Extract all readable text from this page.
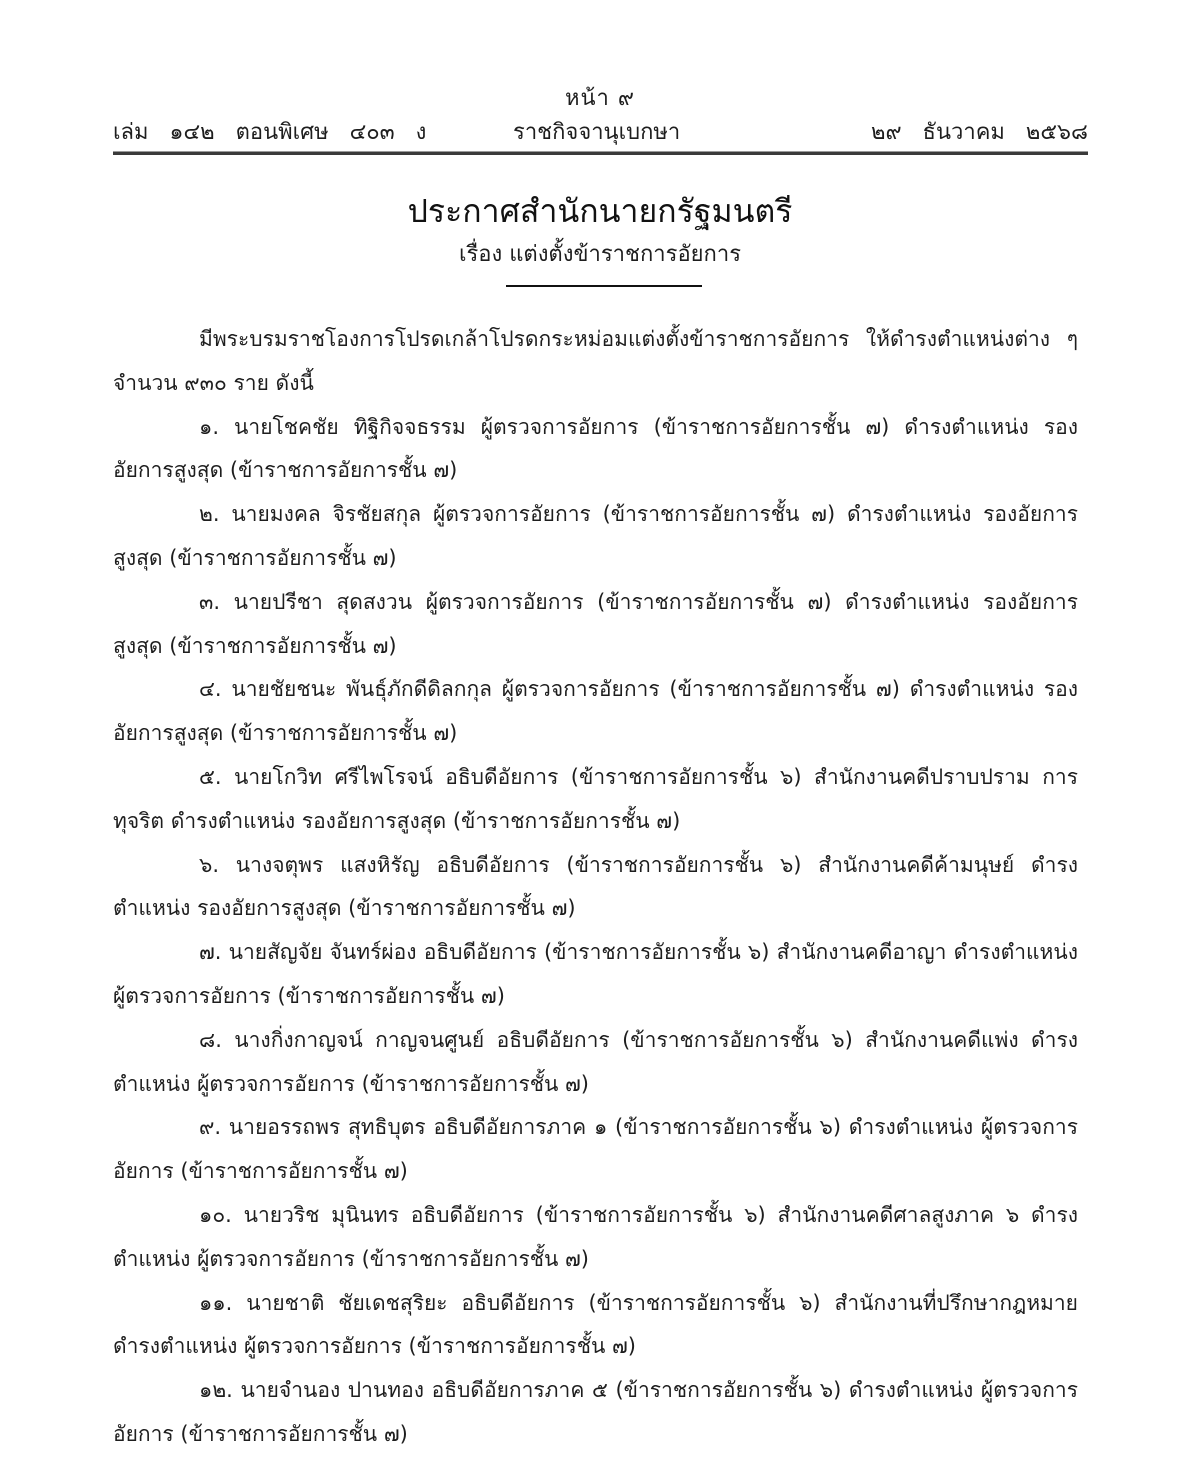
หน้า ๙
เล่ม   ๑๔๒   ตอนพิเศษ   ๔๐๓   ง	ราชกิจจานุเบกษา	๒๙   ธันวาคม   ๒๕๖๘
ประกาศสำนักนายกรัฐมนตรี
เรื่อง แต่งตั้งข้าราชการอัยการ

มีพระบรมราชโองการโปรดเกล้าโปรดกระหม่อมแต่งตั้งข้าราชการอัยการ ให้ดำรงตำแหน่งต่าง ๆ จำนวน ๙๓๐ ราย ดังนี้

๑. นายโชคชัย ทิฐิกิจจธรรม ผู้ตรวจการอัยการ (ข้าราชการอัยการชั้น ๗) ดำรงตำแหน่ง รองอัยการสูงสุด (ข้าราชการอัยการชั้น ๗)

๒. นายมงคล จิรชัยสกุล ผู้ตรวจการอัยการ (ข้าราชการอัยการชั้น ๗) ดำรงตำแหน่ง รองอัยการสูงสุด (ข้าราชการอัยการชั้น ๗)

๓. นายปรีชา สุดสงวน ผู้ตรวจการอัยการ (ข้าราชการอัยการชั้น ๗) ดำรงตำแหน่ง รองอัยการสูงสุด (ข้าราชการอัยการชั้น ๗)

๔. นายชัยชนะ พันธุ์ภักดีดิลกกุล ผู้ตรวจการอัยการ (ข้าราชการอัยการชั้น ๗) ดำรงตำแหน่ง รองอัยการสูงสุด (ข้าราชการอัยการชั้น ๗)

๕. นายโกวิท ศรีไพโรจน์ อธิบดีอัยการ (ข้าราชการอัยการชั้น ๖) สำนักงานคดีปราบปราม การทุจริต ดำรงตำแหน่ง รองอัยการสูงสุด (ข้าราชการอัยการชั้น ๗)

๖. นางจตุพร แสงหิรัญ อธิบดีอัยการ (ข้าราชการอัยการชั้น ๖) สำนักงานคดีค้ามนุษย์ ดำรงตำแหน่ง รองอัยการสูงสุด (ข้าราชการอัยการชั้น ๗)

๗. นายสัญจัย จันทร์ผ่อง อธิบดีอัยการ (ข้าราชการอัยการชั้น ๖) สำนักงานคดีอาญา ดำรงตำแหน่ง ผู้ตรวจการอัยการ (ข้าราชการอัยการชั้น ๗)

๘. นางกิ่งกาญจน์ กาญจนศูนย์ อธิบดีอัยการ (ข้าราชการอัยการชั้น ๖) สำนักงานคดีแพ่ง ดำรงตำแหน่ง ผู้ตรวจการอัยการ (ข้าราชการอัยการชั้น ๗)

๙. นายอรรถพร สุทธิบุตร อธิบดีอัยการภาค ๑ (ข้าราชการอัยการชั้น ๖) ดำรงตำแหน่ง ผู้ตรวจการอัยการ (ข้าราชการอัยการชั้น ๗)

๑๐. นายวริช มุนินทร อธิบดีอัยการ (ข้าราชการอัยการชั้น ๖) สำนักงานคดีศาลสูงภาค ๖ ดำรงตำแหน่ง ผู้ตรวจการอัยการ (ข้าราชการอัยการชั้น ๗)

๑๑. นายชาติ ชัยเดชสุริยะ อธิบดีอัยการ (ข้าราชการอัยการชั้น ๖) สำนักงานที่ปรึกษากฎหมาย ดำรงตำแหน่ง ผู้ตรวจการอัยการ (ข้าราชการอัยการชั้น ๗)

๑๒. นายจำนอง ปานทอง อธิบดีอัยการภาค ๕ (ข้าราชการอัยการชั้น ๖) ดำรงตำแหน่ง ผู้ตรวจการอัยการ (ข้าราชการอัยการชั้น ๗)
